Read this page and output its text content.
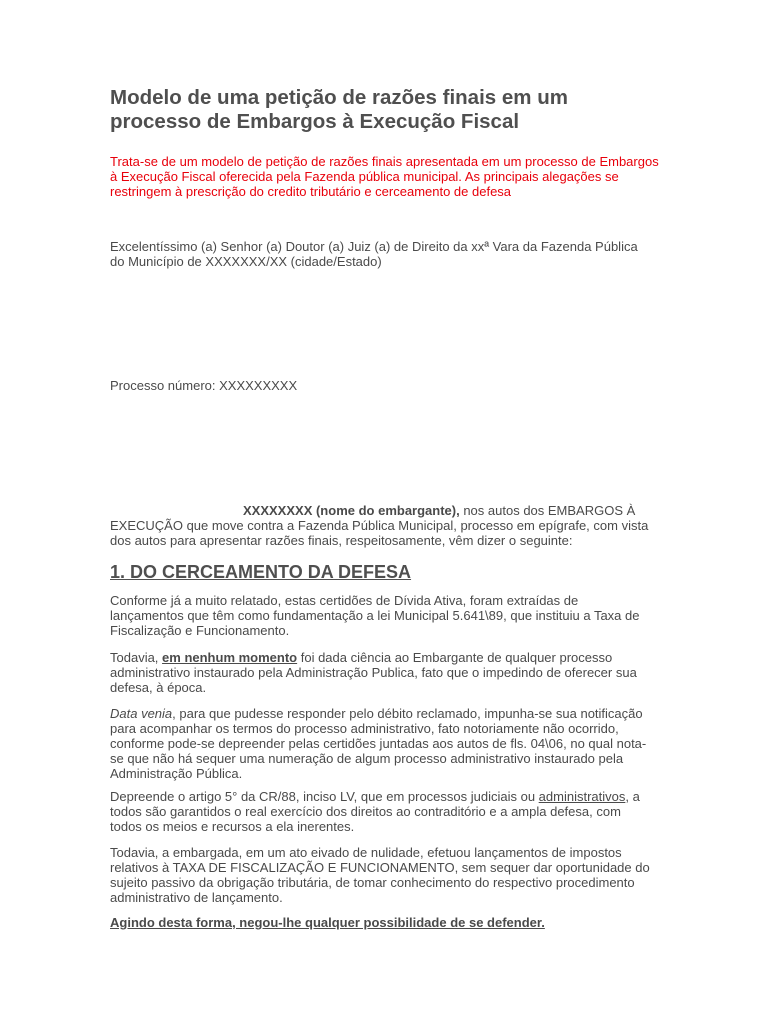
Modelo de uma petição de razões finais em um processo de Embargos à Execução Fiscal

Trata-se de um modelo de petição de razões finais apresentada em um processo de Embargos à Execução Fiscal oferecida pela Fazenda pública municipal. As principais alegações se restringem à prescrição do credito tributário e cerceamento de defesa

Excelentíssimo (a) Senhor (a) Doutor (a) Juiz (a) de Direito da xxª Vara da Fazenda Pública do Município de XXXXXXX/XX (cidade/Estado)

Processo número: XXXXXXXXX

XXXXXXXX (nome do embargante), nos autos dos EMBARGOS À EXECUÇÃO que move contra a Fazenda Pública Municipal, processo em epígrafe, com vista dos autos para apresentar razões finais, respeitosamente, vêm dizer o seguinte:

1. DO CERCEAMENTO DA DEFESA

Conforme já a muito relatado, estas certidões de Dívida Ativa, foram extraídas de lançamentos que têm como fundamentação a lei Municipal 5.641\89, que instituiu a Taxa de Fiscalização e Funcionamento.

Todavia, em nenhum momento foi dada ciência ao Embargante de qualquer processo administrativo instaurado pela Administração Publica, fato que o impedindo de oferecer sua defesa, à época.

Data venia, para que pudesse responder pelo débito reclamado, impunha-se sua notificação para acompanhar os termos do processo administrativo, fato notoriamente não ocorrido, conforme pode-se depreender pelas certidões juntadas aos autos de fls. 04\06, no qual nota-se que não há sequer uma numeração de algum processo administrativo instaurado pela Administração Pública.

Depreende o artigo 5° da CR/88, inciso LV, que em processos judiciais ou administrativos, a todos são garantidos o real exercício dos direitos ao contraditório e a ampla defesa, com todos os meios e recursos a ela inerentes.

Todavia, a embargada, em um ato eivado de nulidade, efetuou lançamentos de impostos relativos à TAXA DE FISCALIZAÇÃO E FUNCIONAMENTO, sem sequer dar oportunidade do sujeito passivo da obrigação tributária, de tomar conhecimento do respectivo procedimento administrativo de lançamento.

Agindo desta forma, negou-lhe qualquer possibilidade de se defender.
